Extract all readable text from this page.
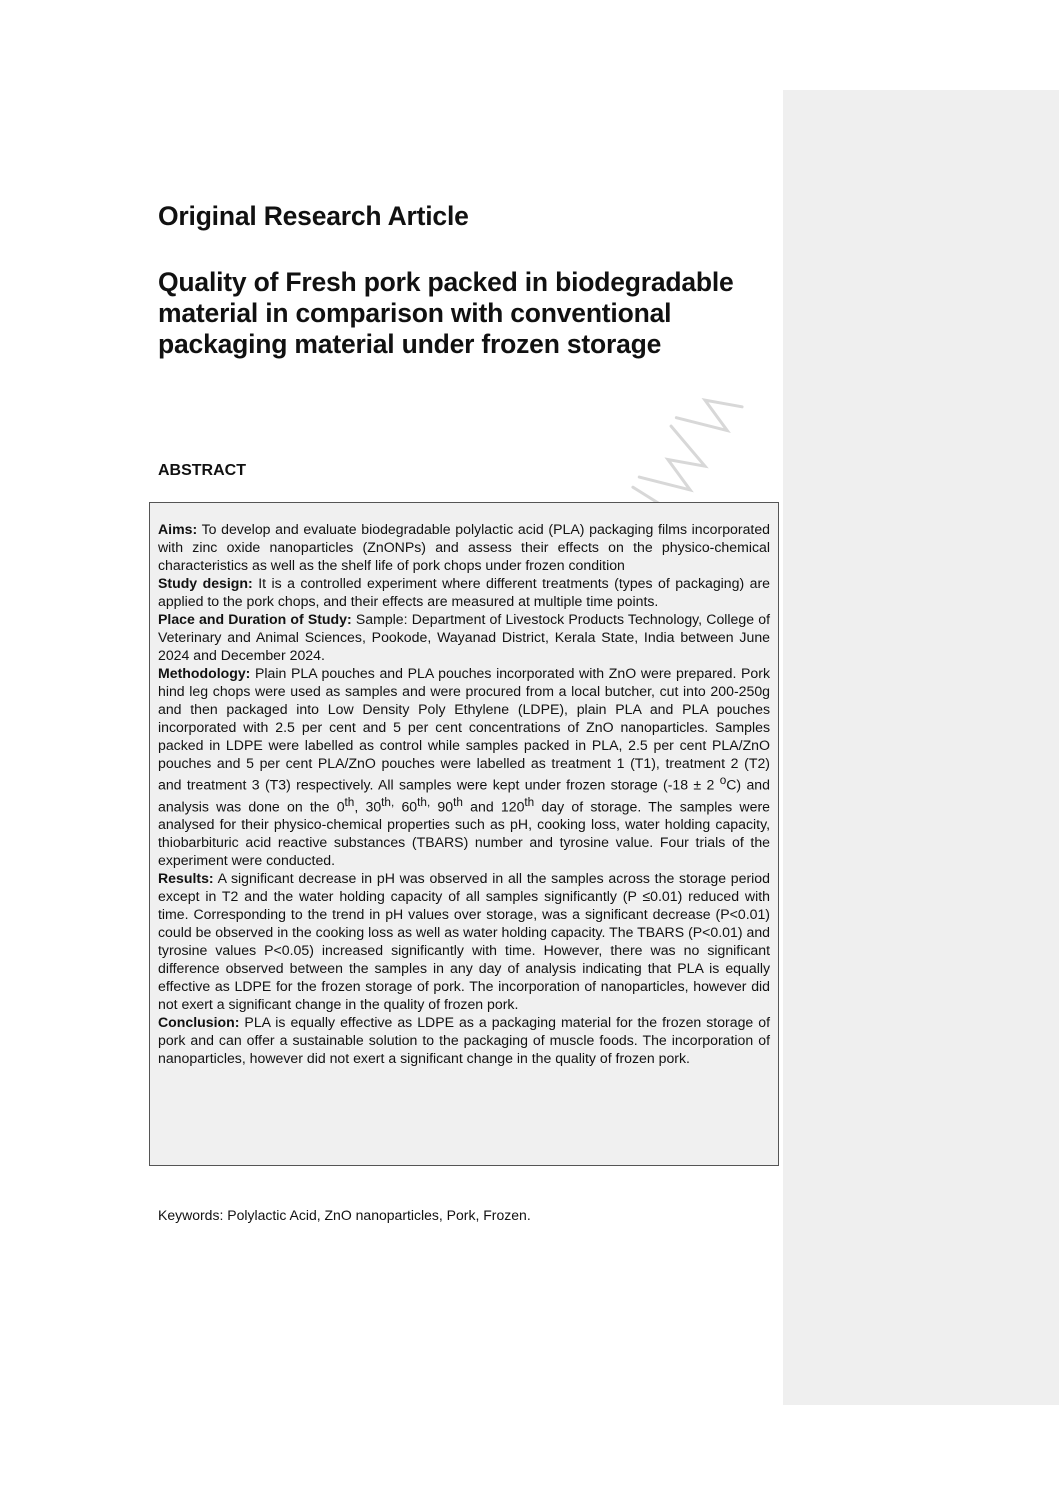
Original Research Article
Quality of Fresh pork packed in biodegradable material in comparison with conventional packaging material under frozen storage
ABSTRACT

Aims: To develop and evaluate biodegradable polylactic acid (PLA) packaging films incorporated with zinc oxide nanoparticles (ZnONPs) and assess their effects on the physico-chemical characteristics as well as the shelf life of pork chops under frozen condition

Study design: It is a controlled experiment where different treatments (types of packaging) are applied to the pork chops, and their effects are measured at multiple time points.

Place and Duration of Study: Sample: Department of Livestock Products Technology, College of Veterinary and Animal Sciences, Pookode, Wayanad District, Kerala State, India between June 2024 and December 2024.

Methodology: Plain PLA pouches and PLA pouches incorporated with ZnO were prepared. Pork hind leg chops were used as samples and were procured from a local butcher, cut into 200-250g and then packaged into Low Density Poly Ethylene (LDPE), plain PLA and PLA pouches incorporated with 2.5 per cent and 5 per cent concentrations of ZnO nanoparticles. Samples packed in LDPE were labelled as control while samples packed in PLA, 2.5 per cent PLA/ZnO pouches and 5 per cent PLA/ZnO pouches were labelled as treatment 1 (T1), treatment 2 (T2) and treatment 3 (T3) respectively. All samples were kept under frozen storage (-18 ± 2 $^o$C) and analysis was done on the 0th, $30^{th,}$ $60^{th,}$ 90th and 120th day of storage. The samples were analysed for their physico-chemical properties such as pH, cooking loss, water holding capacity, thiobarbituric acid reactive substances (TBARS) number and tyrosine value. Four trials of the experiment were conducted.

Results: A significant decrease in pH was observed in all the samples across the storage period except in T2 and the water holding capacity of all samples significantly (P ≤0.01) reduced with time. Corresponding to the trend in pH values over storage, was a significant decrease (P<0.01) could be observed in the cooking loss as well as water holding capacity. The TBARS (P<0.01) and tyrosine values P<0.05) increased significantly with time. However, there was no significant difference observed between the samples in any day of analysis indicating that PLA is equally effective as LDPE for the frozen storage of pork. The incorporation of nanoparticles, however did not exert a significant change in the quality of frozen pork.

Conclusion: PLA is equally effective as LDPE as a packaging material for the frozen storage of pork and can offer a sustainable solution to the packaging of muscle foods. The incorporation of nanoparticles, however did not exert a significant change in the quality of frozen pork.

Keywords: Polylactic Acid, ZnO nanoparticles, Pork, Frozen.
